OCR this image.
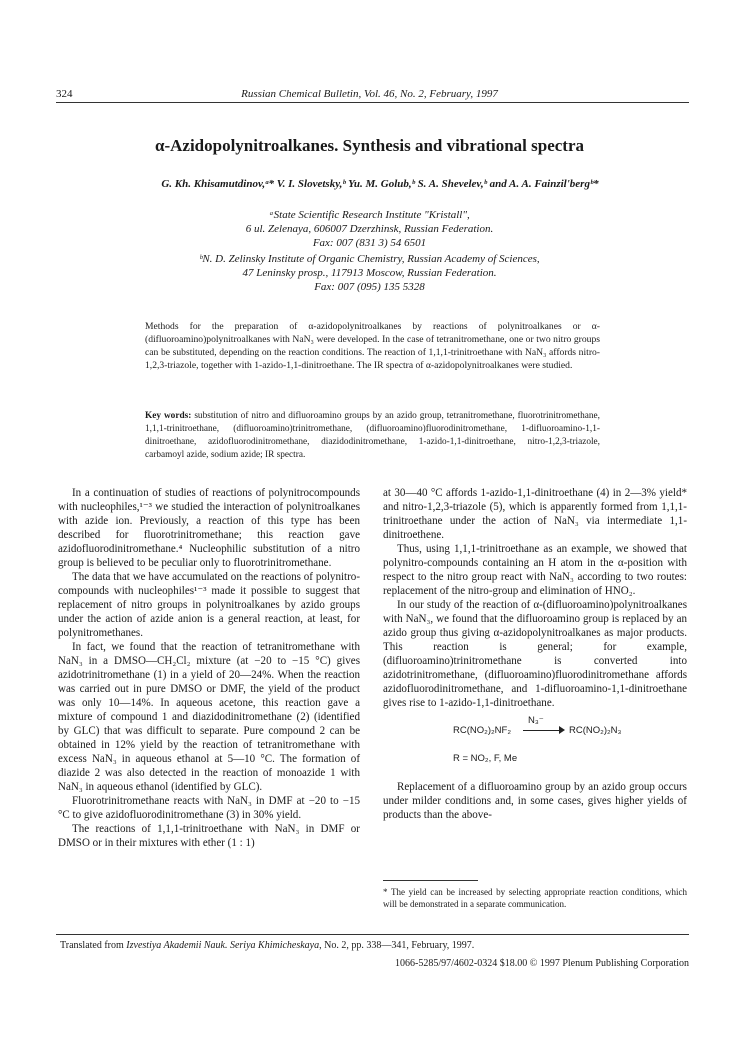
324	Russian Chemical Bulletin, Vol. 46, No. 2, February, 1997
α-Azidopolynitroalkanes. Synthesis and vibrational spectra
G. Kh. Khisamutdinov,ᵃ* V. I. Slovetsky,ᵇ Yu. M. Golub,ᵇ S. A. Shevelev,ᵇ and A. A. Fainzil'bergᵇ*
ᵃState Scientific Research Institute "Kristall",
6 ul. Zelenaya, 606007 Dzerzhinsk, Russian Federation.
Fax: 007 (831 3) 54 6501
ᵇN. D. Zelinsky Institute of Organic Chemistry, Russian Academy of Sciences,
47 Leninsky prosp., 117913 Moscow, Russian Federation.
Fax: 007 (095) 135 5328
Methods for the preparation of α-azidopolynitroalkanes by reactions of polynitroalkanes or α-(difluoroamino)polynitroalkanes with NaN₃ were developed. In the case of tetranitromethane, one or two nitro groups can be substituted, depending on the reaction conditions. The reaction of 1,1,1-trinitroethane with NaN₃ affords nitro-1,2,3-triazole, together with 1-azido-1,1-dinitroethane. The IR spectra of α-azidopolynitroalkanes were studied.
Key words: substitution of nitro and difluoroamino groups by an azido group, tetranitromethane, fluorotrinitromethane, 1,1,1-trinitroethane, (difluoroamino)trinitromethane, (difluoroamino)fluorodinitromethane, 1-difluoroamino-1,1-dinitroethane, azidofluorodinitromethane, diazidodinitromethane, 1-azido-1,1-dinitroethane, nitro-1,2,3-triazole, carbamoyl azide, sodium azide; IR spectra.

In a continuation of studies of reactions of polynitrocompounds with nucleophiles,¹⁻³ we studied the interaction of polynitroalkanes with azide ion. Previously, a reaction of this type has been described for fluorotrinitromethane; this reaction gave azidofluorodinitromethane.⁴ Nucleophilic substitution of a nitro group is believed to be peculiar only to fluorotrinitromethane.

The data that we have accumulated on the reactions of polynitro-compounds with nucleophiles¹⁻³ made it possible to suggest that replacement of nitro groups in polynitroalkanes by azido groups under the action of azide anion is a general reaction, at least, for polynitromethanes.

In fact, we found that the reaction of tetranitromethane with NaN₃ in a DMSO—CH₂Cl₂ mixture (at −20 to −15 °C) gives azidotrinitromethane (1) in a yield of 20—24%. When the reaction was carried out in pure DMSO or DMF, the yield of the product was only 10—14%. In aqueous acetone, this reaction gave a mixture of compound 1 and diazidodinitromethane (2) (identified by GLC) that was difficult to separate. Pure compound 2 can be obtained in 12% yield by the reaction of tetranitromethane with excess NaN₃ in aqueous ethanol at 5—10 °C. The formation of diazide 2 was also detected in the reaction of monoazide 1 with NaN₃ in aqueous ethanol (identified by GLC).

Fluorotrinitromethane reacts with NaN₃ in DMF at −20 to −15 °C to give azidofluorodinitromethane (3) in 30% yield.

The reactions of 1,1,1-trinitroethane with NaN₃ in DMF or DMSO or in their mixtures with ether (1 : 1)

at 30—40 °C affords 1-azido-1,1-dinitroethane (4) in 2—3% yield* and nitro-1,2,3-triazole (5), which is apparently formed from 1,1,1-trinitroethane under the action of NaN₃ via intermediate 1,1-dinitroethene.

Thus, using 1,1,1-trinitroethane as an example, we showed that polynitro-compounds containing an H atom in the α-position with respect to the nitro group react with NaN₃ according to two routes: replacement of the nitro-group and elimination of HNO₂.

In our study of the reaction of α-(difluoroamino)polynitroalkanes with NaN₃, we found that the difluoroamino group is replaced by an azido group thus giving α-azidopolynitroalkanes as major products. This reaction is general; for example, (difluoroamino)trinitromethane is converted into azidotrinitromethane, (difluoroamino)fluorodinitromethane affords azidofluorodinitromethane, and 1-difluoroamino-1,1-dinitroethane gives rise to 1-azido-1,1-dinitroethane.

RC(NO₂)₂NF₂
N₃⁻
RC(NO₂)₂N₃
R = NO₂, F, Me

Replacement of a difluoroamino group by an azido group occurs under milder conditions and, in some cases, gives higher yields of products than the above-

* The yield can be increased by selecting appropriate reaction conditions, which will be demonstrated in a separate communication.
Translated from Izvestiya Akademii Nauk. Seriya Khimicheskaya, No. 2, pp. 338—341, February, 1997.
1066-5285/97/4602-0324 $18.00 © 1997 Plenum Publishing Corporation
